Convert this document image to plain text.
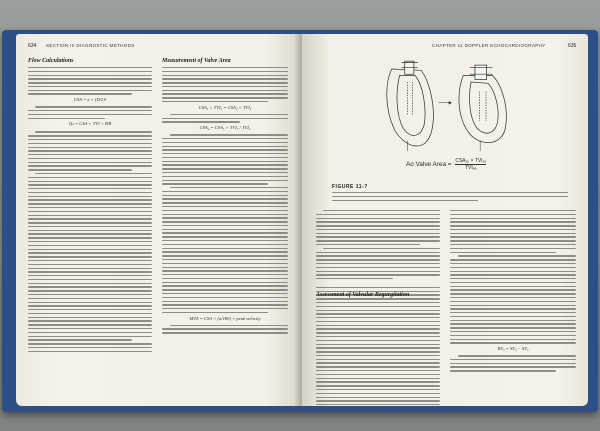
634 SECTION III DIAGNOSTIC METHODS
Flow Calculations
CSA = π × (D/2)²
Qₛ = CSA × TVI × HR
Measurement of Valve Area
CSA₁ × TVI₁ = CSA₂ × TVI₂
CSA₂ = CSA₁ × TVI₁ / TVI₂
MVA = CSA × (α/180) × peak velocity
CHAPTER 11 DOPPLER ECHOCARDIOGRAPHY	635
Ao Valve Area =
CSA₁ₒ × TVI₁ₒ
TVIₐₒ
FIGURE 11-?
RV₅ = SVₐ − SVₒ
Assessment of Valvular Regurgitation
